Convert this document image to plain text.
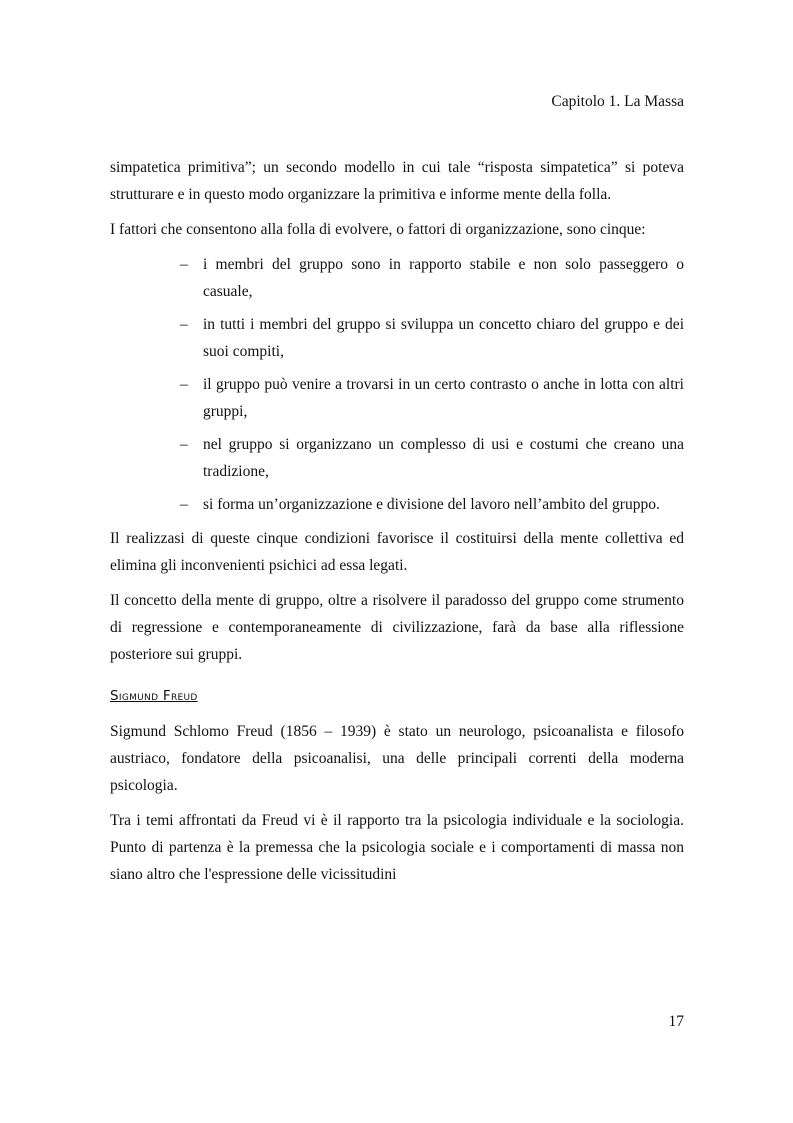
Capitolo 1. La Massa

simpatetica primitiva”; un secondo modello in cui tale “risposta simpatetica” si poteva strutturare e in questo modo organizzare la primitiva e informe mente della folla.

I fattori che consentono alla folla di evolvere, o fattori di organizzazione, sono cinque:

– i membri del gruppo sono in rapporto stabile e non solo passeggero o casuale,
– in tutti i membri del gruppo si sviluppa un concetto chiaro del gruppo e dei suoi compiti,
– il gruppo può venire a trovarsi in un certo contrasto o anche in lotta con altri gruppi,
– nel gruppo si organizzano un complesso di usi e costumi che creano una tradizione,
– si forma un’organizzazione e divisione del lavoro nell’ambito del gruppo.

Il realizzasi di queste cinque condizioni favorisce il costituirsi della mente collettiva ed elimina gli inconvenienti psichici ad essa legati.

Il concetto della mente di gruppo, oltre a risolvere il paradosso del gruppo come strumento di regressione e contemporaneamente di civilizzazione, farà da base alla riflessione posteriore sui gruppi.

Sigmund Freud

Sigmund Schlomo Freud (1856 – 1939) è stato un neurologo, psicoanalista e filosofo austriaco, fondatore della psicoanalisi, una delle principali correnti della moderna psicologia.

Tra i temi affrontati da Freud vi è il rapporto tra la psicologia individuale e la sociologia. Punto di partenza è la premessa che la psicologia sociale e i comportamenti di massa non siano altro che l'espressione delle vicissitudini

17
